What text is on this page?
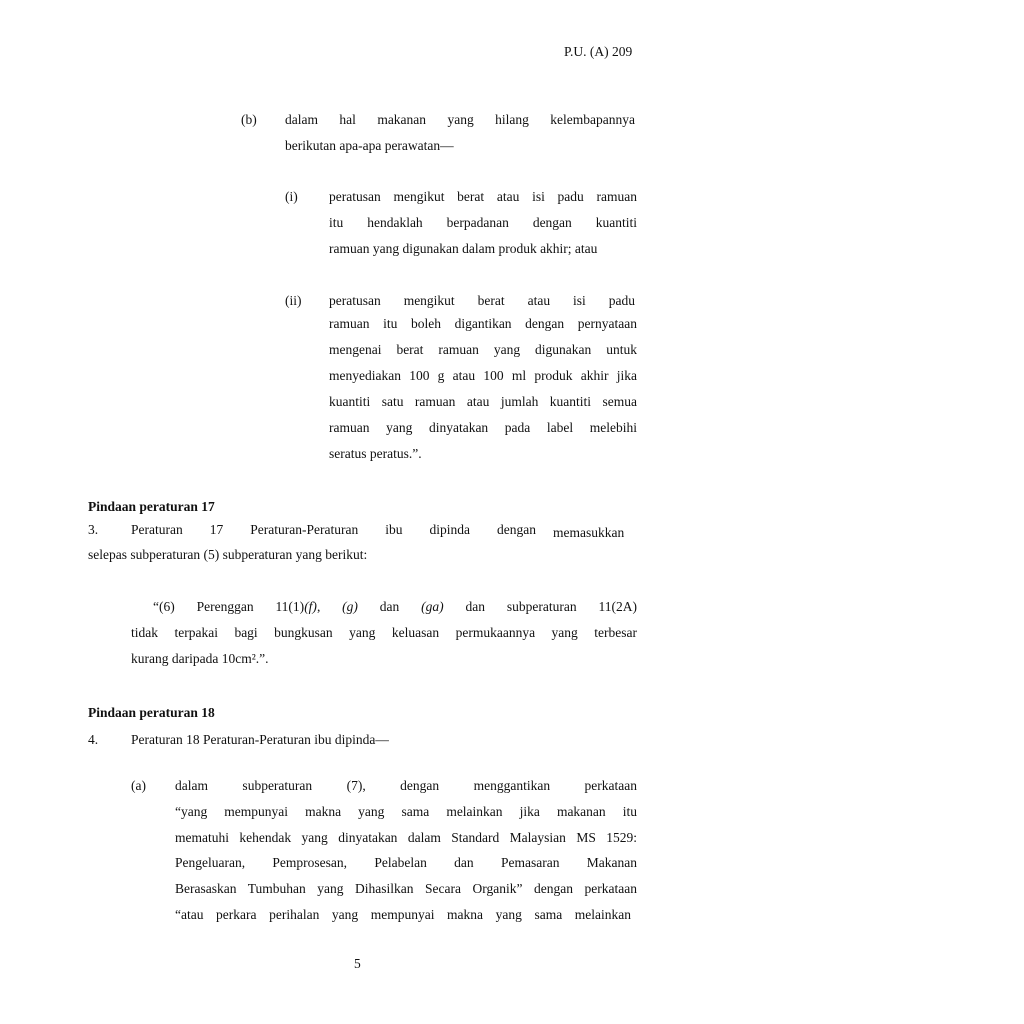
P.U. (A) 209
(b) dalam hal makanan yang hilang kelembapannya
berikutan apa-apa perawatan—
(i) peratusan mengikut berat atau isi padu ramuan
itu hendaklah berpadanan dengan kuantiti
ramuan yang digunakan dalam produk akhir; atau
(ii) peratusan mengikut berat atau isi padu
ramuan itu boleh digantikan dengan pernyataan
mengenai berat ramuan yang digunakan untuk
menyediakan 100 g atau 100 ml produk akhir jika
kuantiti satu ramuan atau jumlah kuantiti semua
ramuan yang dinyatakan pada label melebihi
seratus peratus.”.
Pindaan peraturan 17
3. Peraturan 17 Peraturan-Peraturan ibu dipinda dengan memasukkan
selepas subperaturan (5) subperaturan yang berikut:
“(6) Perenggan 11(1)(f), (g) dan (ga) dan subperaturan 11(2A)
tidak terpakai bagi bungkusan yang keluasan permukaannya yang terbesar
kurang daripada 10cm².”.
Pindaan peraturan 18
4. Peraturan 18 Peraturan-Peraturan ibu dipinda—
(a) dalam subperaturan (7), dengan menggantikan perkataan
“yang mempunyai makna yang sama melainkan jika makanan itu
mematuhi kehendak yang dinyatakan dalam Standard Malaysian MS 1529:
Pengeluaran, Pemprosesan, Pelabelan dan Pemasaran Makanan
Berasaskan Tumbuhan yang Dihasilkan Secara Organik” dengan perkataan
“atau perkara perihalan yang mempunyai makna yang sama melainkan
5
